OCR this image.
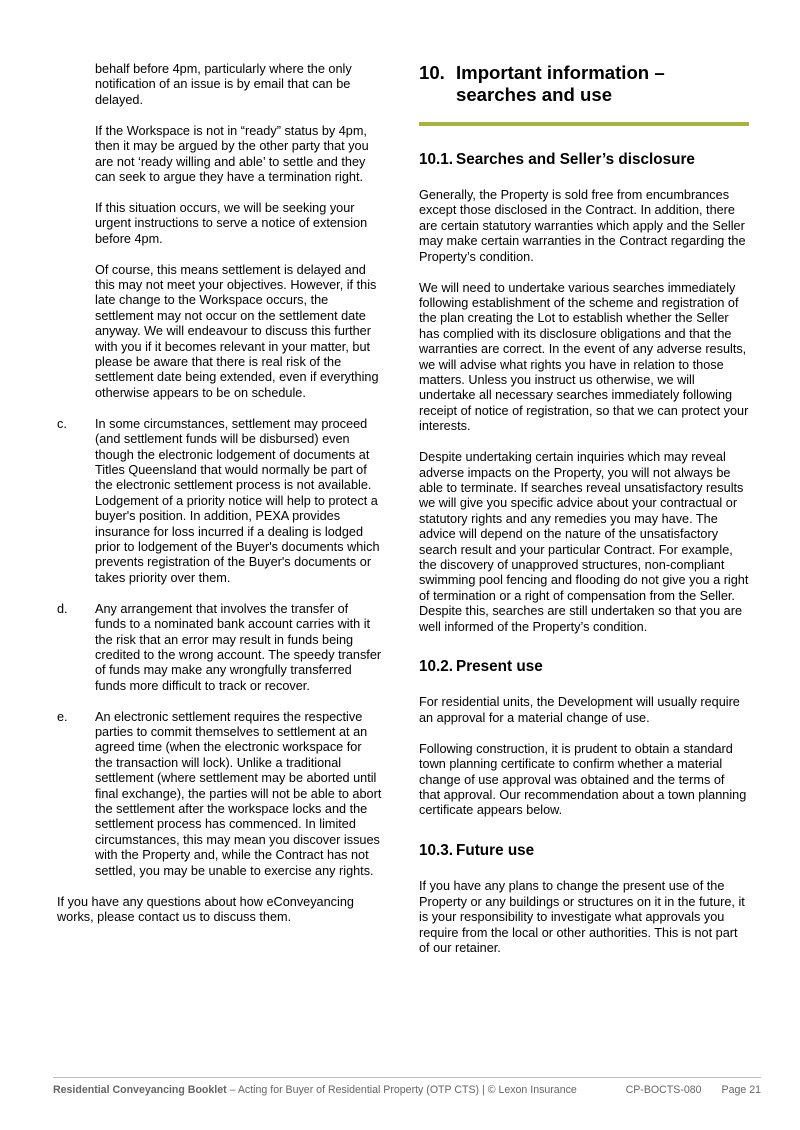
behalf before 4pm, particularly where the only notification of an issue is by email that can be delayed.

If the Workspace is not in “ready” status by 4pm, then it may be argued by the other party that you are not ‘ready willing and able’ to settle and they can seek to argue they have a termination right.

If this situation occurs, we will be seeking your urgent instructions to serve a notice of extension before 4pm.

Of course, this means settlement is delayed and this may not meet your objectives. However, if this late change to the Workspace occurs, the settlement may not occur on the settlement date anyway. We will endeavour to discuss this further with you if it becomes relevant in your matter, but please be aware that there is real risk of the settlement date being extended, even if everything otherwise appears to be on schedule.

c. In some circumstances, settlement may proceed (and settlement funds will be disbursed) even though the electronic lodgement of documents at Titles Queensland that would normally be part of the electronic settlement process is not available. Lodgement of a priority notice will help to protect a buyer's position. In addition, PEXA provides insurance for loss incurred if a dealing is lodged prior to lodgement of the Buyer's documents which prevents registration of the Buyer's documents or takes priority over them.
d. Any arrangement that involves the transfer of funds to a nominated bank account carries with it the risk that an error may result in funds being credited to the wrong account. The speedy transfer of funds may make any wrongfully transferred funds more difficult to track or recover.
e. An electronic settlement requires the respective parties to commit themselves to settlement at an agreed time (when the electronic workspace for the transaction will lock). Unlike a traditional settlement (where settlement may be aborted until final exchange), the parties will not be able to abort the settlement after the workspace locks and the settlement process has commenced. In limited circumstances, this may mean you discover issues with the Property and, while the Contract has not settled, you may be unable to exercise any rights.

If you have any questions about how eConveyancing works, please contact us to discuss them.

10. Important information – searches and use
10.1. Searches and Seller’s disclosure

Generally, the Property is sold free from encumbrances except those disclosed in the Contract. In addition, there are certain statutory warranties which apply and the Seller may make certain warranties in the Contract regarding the Property’s condition.

We will need to undertake various searches immediately following establishment of the scheme and registration of the plan creating the Lot to establish whether the Seller has complied with its disclosure obligations and that the warranties are correct. In the event of any adverse results, we will advise what rights you have in relation to those matters. Unless you instruct us otherwise, we will undertake all necessary searches immediately following receipt of notice of registration, so that we can protect your interests.

Despite undertaking certain inquiries which may reveal adverse impacts on the Property, you will not always be able to terminate. If searches reveal unsatisfactory results we will give you specific advice about your contractual or statutory rights and any remedies you may have. The advice will depend on the nature of the unsatisfactory search result and your particular Contract. For example, the discovery of unapproved structures, non-compliant swimming pool fencing and flooding do not give you a right of termination or a right of compensation from the Seller. Despite this, searches are still undertaken so that you are well informed of the Property’s condition.

10.2. Present use

For residential units, the Development will usually require an approval for a material change of use.

Following construction, it is prudent to obtain a standard town planning certificate to confirm whether a material change of use approval was obtained and the terms of that approval. Our recommendation about a town planning certificate appears below.

10.3. Future use

If you have any plans to change the present use of the Property or any buildings or structures on it in the future, it is your responsibility to investigate what approvals you require from the local or other authorities. This is not part of our retainer.

Residential Conveyancing Booklet – Acting for Buyer of Residential Property (OTP CTS) | © Lexon Insurance	CP-BOCTS-080 Page 21
